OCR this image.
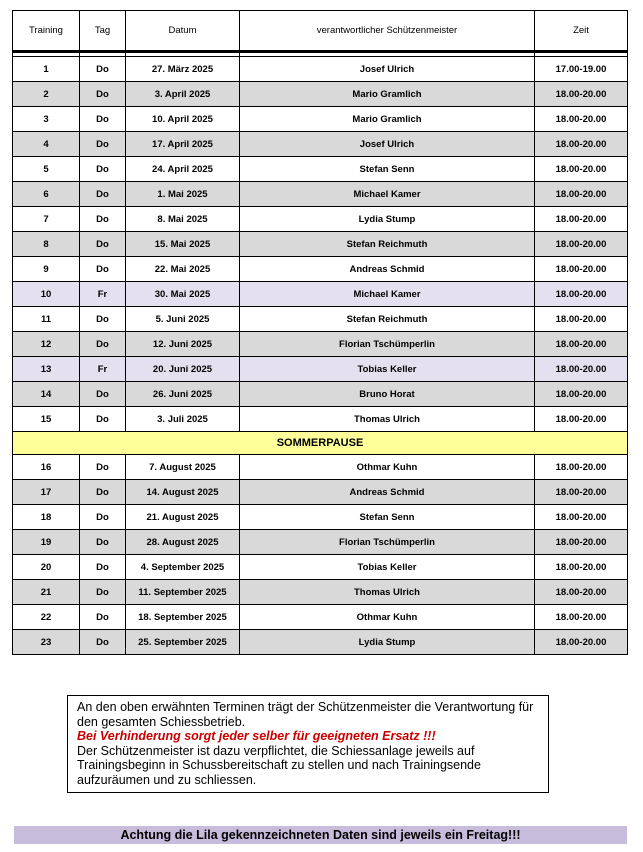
Training	Tag	Datum	verantwortlicher Schützenmeister	Zeit

1	Do	27. März 2025	Josef Ulrich	17.00-19.00
2	Do	3. April 2025	Mario Gramlich	18.00-20.00
3	Do	10. April 2025	Mario Gramlich	18.00-20.00
4	Do	17. April 2025	Josef Ulrich	18.00-20.00
5	Do	24. April 2025	Stefan Senn	18.00-20.00
6	Do	1. Mai 2025	Michael Kamer	18.00-20.00
7	Do	8. Mai 2025	Lydia Stump	18.00-20.00
8	Do	15. Mai 2025	Stefan Reichmuth	18.00-20.00
9	Do	22. Mai 2025	Andreas Schmid	18.00-20.00
10	Fr	30. Mai 2025	Michael Kamer	18.00-20.00
11	Do	5. Juni 2025	Stefan Reichmuth	18.00-20.00
12	Do	12. Juni 2025	Florian Tschümperlin	18.00-20.00
13	Fr	20. Juni 2025	Tobias Keller	18.00-20.00
14	Do	26. Juni 2025	Bruno Horat	18.00-20.00
15	Do	3. Juli 2025	Thomas Ulrich	18.00-20.00
SOMMERPAUSE				
16	Do	7. August 2025	Othmar Kuhn	18.00-20.00
17	Do	14. August 2025	Andreas Schmid	18.00-20.00
18	Do	21. August 2025	Stefan Senn	18.00-20.00
19	Do	28. August 2025	Florian Tschümperlin	18.00-20.00
20	Do	4. September 2025	Tobias Keller	18.00-20.00
21	Do	11. September 2025	Thomas Ulrich	18.00-20.00
22	Do	18. September 2025	Othmar Kuhn	18.00-20.00
23	Do	25. September 2025	Lydia Stump	18.00-20.00
An den oben erwähnten Terminen trägt der Schützenmeister die Verantwortung für den gesamten Schiessbetrieb.
Bei Verhinderung sorgt jeder selber für geeigneten Ersatz !!!
Der Schützenmeister ist dazu verpflichtet, die Schiessanlage jeweils auf Trainingsbeginn in Schussbereitschaft zu stellen und nach Trainingsende aufzuräumen und zu schliessen.
Achtung die Lila gekennzeichneten Daten sind jeweils ein Freitag!!!
